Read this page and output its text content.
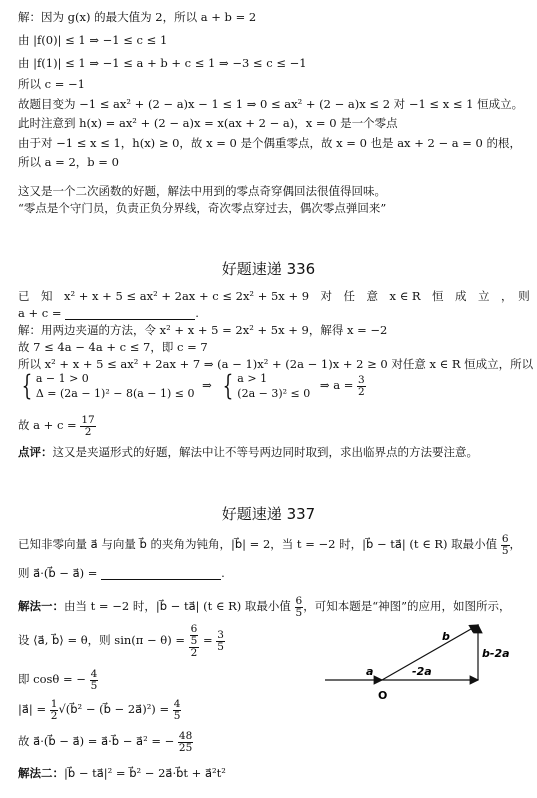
解：因为 g(x) 的最大值为 2，所以 a + b = 2
由 |f(0)| ≤ 1 ⇒ −1 ≤ c ≤ 1
由 |f(1)| ≤ 1 ⇒ −1 ≤ a + b + c ≤ 1 ⇒ −3 ≤ c ≤ −1
所以 c = −1
故题目变为 −1 ≤ ax² + (2 − a)x − 1 ≤ 1 ⇒ 0 ≤ ax² + (2 − a)x ≤ 2 对 −1 ≤ x ≤ 1 恒成立。
此时注意到 h(x) = ax² + (2 − a)x = x(ax + 2 − a)，x = 0 是一个零点
由于对 −1 ≤ x ≤ 1，h(x) ≥ 0，故 x = 0 是个偶重零点，故 x = 0 也是 ax + 2 − a = 0 的根，
所以 a = 2，b = 0
这又是一个二次函数的好题，解法中用到的零点奇穿偶回法很值得回味。
“零点是个守门员，负责正负分界线，奇次零点穿过去，偶次零点弹回来”
好题速递 336
已　知　x² + x + 5 ≤ ax² + 2ax + c ≤ 2x² + 5x + 9　对　任　意　x ∈ R　恒　成　立　，　则
a + c =	.
解：用两边夹逼的方法，令 x² + x + 5 = 2x² + 5x + 9，解得 x = −2
故 7 ≤ 4a − 4a + c ≤ 7，即 c = 7
所以 x² + x + 5 ≤ ax² + 2ax + 7 ⇒ (a − 1)x² + (2a − 1)x + 2 ≥ 0 对任意 x ∈ R 恒成立，所以
{ a − 1 > 0
Δ = (2a − 1)² − 8(a − 1) ≤ 0
⇒ { a > 1
(2a − 3)² ≤ 0
⇒ $a = \frac{3}{2}$
故 $a + c = \frac{17}{2}$
点评：这又是夹逼形式的好题，解法中让不等号两边同时取到，求出临界点的方法要注意。
好题速递 337
已知非零向量 a⃗ 与向量 b⃗ 的夹角为钝角，|b⃗| = 2，当 t = −2 时，|b⃗ − ta⃗| (t ∈ R) 取最小值 $\frac{6}{5}$ ，
则 a⃗·(b⃗ − a⃗) =	.
解法一：由当 t = −2 时，|b⃗ − ta⃗| (t ∈ R) 取最小值 $\frac{6}{5}$ ，可知本题是“神图”的应用，如图所示，
设 ⟨a⃗, b⃗⟩ = θ，则 $\sin(\pi - \theta) = \frac{\frac{6}{5}}{2} = \frac{3}{5}$
即 cosθ = − $\frac{4}{5}$
|a⃗| = $\frac{1}{2}$ √(b⃗² − (b⃗ − 2a⃗)²) = $\frac{4}{5}$
故 a⃗·(b⃗ − a⃗) = a⃗·b⃗ − a⃗² = − $\frac{48}{25}$
解法二：|b⃗ − ta⃗|² = b⃗² − 2a⃗·b⃗t + a⃗²t²
b
a	-2a
b-2a
O
